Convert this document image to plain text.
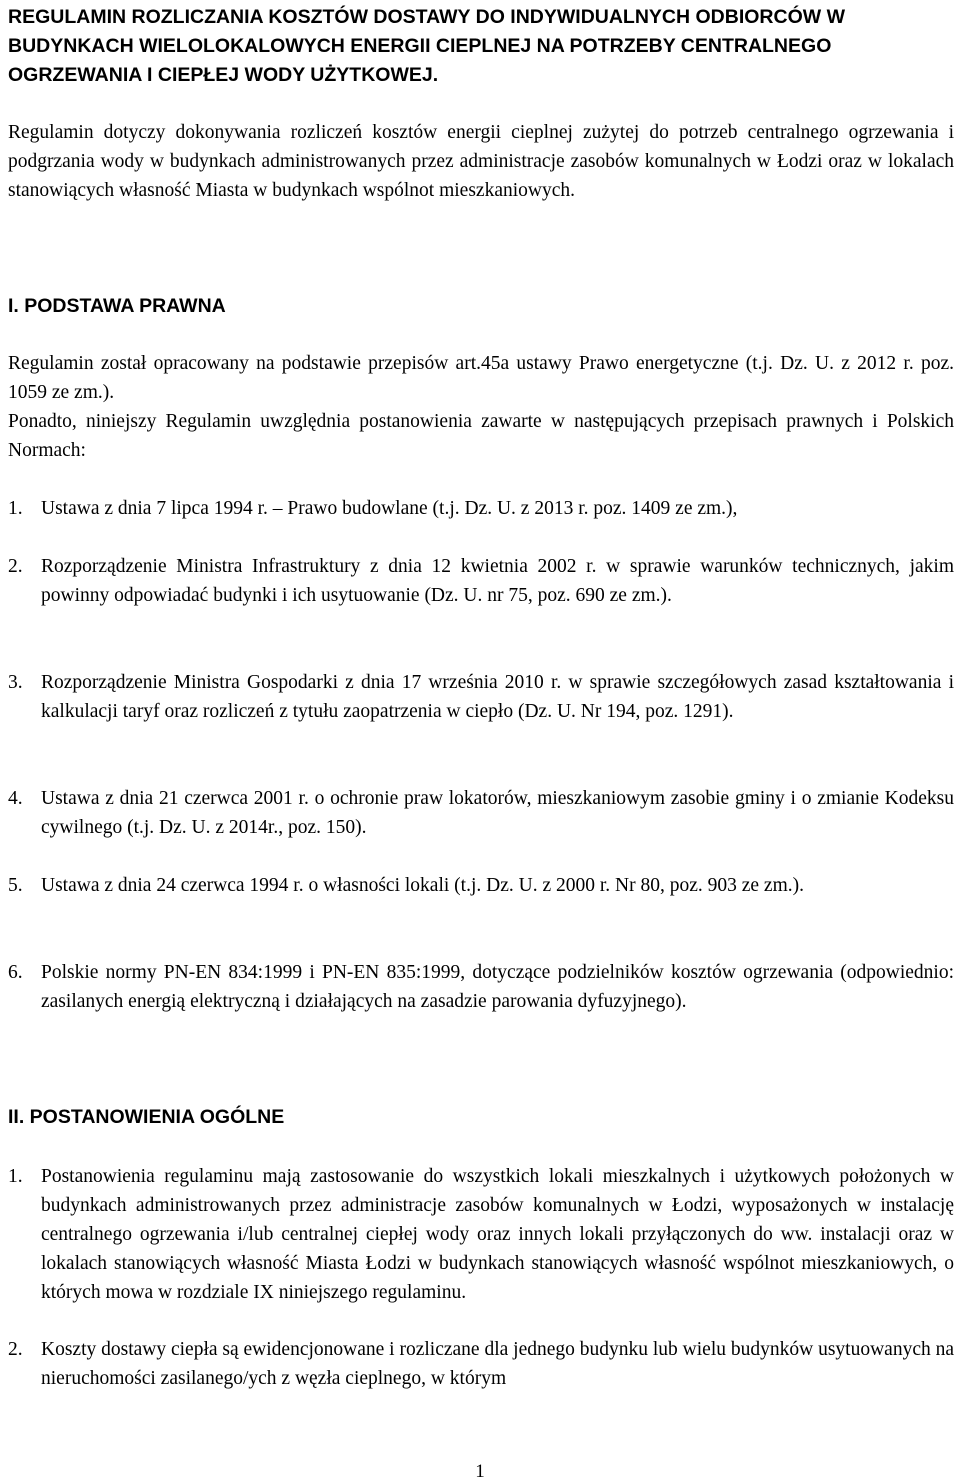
REGULAMIN ROZLICZANIA KOSZTÓW DOSTAWY DO INDYWIDUALNYCH ODBIORCÓW W BUDYNKACH WIELOLOKALOWYCH ENERGII CIEPLNEJ NA POTRZEBY CENTRALNEGO OGRZEWANIA I CIEPŁEJ WODY UŻYTKOWEJ.

Regulamin dotyczy dokonywania rozliczeń kosztów energii cieplnej zużytej do potrzeb centralnego ogrzewania i podgrzania wody w budynkach administrowanych przez administracje zasobów komunalnych w Łodzi oraz w lokalach stanowiących własność Miasta w budynkach wspólnot mieszkaniowych.

I. PODSTAWA PRAWNA

Regulamin został opracowany na podstawie przepisów art.45a ustawy Prawo energetyczne (t.j. Dz. U. z 2012 r. poz. 1059 ze zm.).

Ponadto, niniejszy Regulamin uwzględnia postanowienia zawarte w następujących przepisach prawnych i Polskich Normach:

1. Ustawa z dnia 7 lipca 1994 r. – Prawo budowlane (t.j. Dz. U. z 2013 r. poz. 1409 ze zm.),
2. Rozporządzenie Ministra Infrastruktury z dnia 12 kwietnia 2002 r. w sprawie warunków technicznych, jakim powinny odpowiadać budynki i ich usytuowanie (Dz. U. nr 75, poz. 690 ze zm.).
3. Rozporządzenie Ministra Gospodarki z dnia 17 września 2010 r. w sprawie szczegółowych zasad kształtowania i kalkulacji taryf oraz rozliczeń z tytułu zaopatrzenia w ciepło (Dz. U. Nr 194, poz. 1291).
4. Ustawa z dnia 21 czerwca 2001 r. o ochronie praw lokatorów, mieszkaniowym zasobie gminy i o zmianie Kodeksu cywilnego (t.j. Dz. U. z 2014r., poz. 150).
5. Ustawa z dnia 24 czerwca 1994 r. o własności lokali (t.j. Dz. U. z 2000 r. Nr 80, poz. 903 ze zm.).
6. Polskie normy PN-EN 834:1999 i PN-EN 835:1999, dotyczące podzielników kosztów ogrzewania (odpowiednio: zasilanych energią elektryczną i działających na zasadzie parowania dyfuzyjnego).

II. POSTANOWIENIA OGÓLNE

1. Postanowienia regulaminu mają zastosowanie do wszystkich lokali mieszkalnych i użytkowych położonych w budynkach administrowanych przez administracje zasobów komunalnych w Łodzi, wyposażonych w instalację centralnego ogrzewania i/lub centralnej ciepłej wody oraz innych lokali przyłączonych do ww. instalacji oraz w lokalach stanowiących własność Miasta Łodzi w budynkach stanowiących własność wspólnot mieszkaniowych, o których mowa w rozdziale IX niniejszego regulaminu.
2. Koszty dostawy ciepła są ewidencjonowane i rozliczane dla jednego budynku lub wielu budynków usytuowanych na nieruchomości zasilanego/ych z węzła cieplnego, w którym
1
